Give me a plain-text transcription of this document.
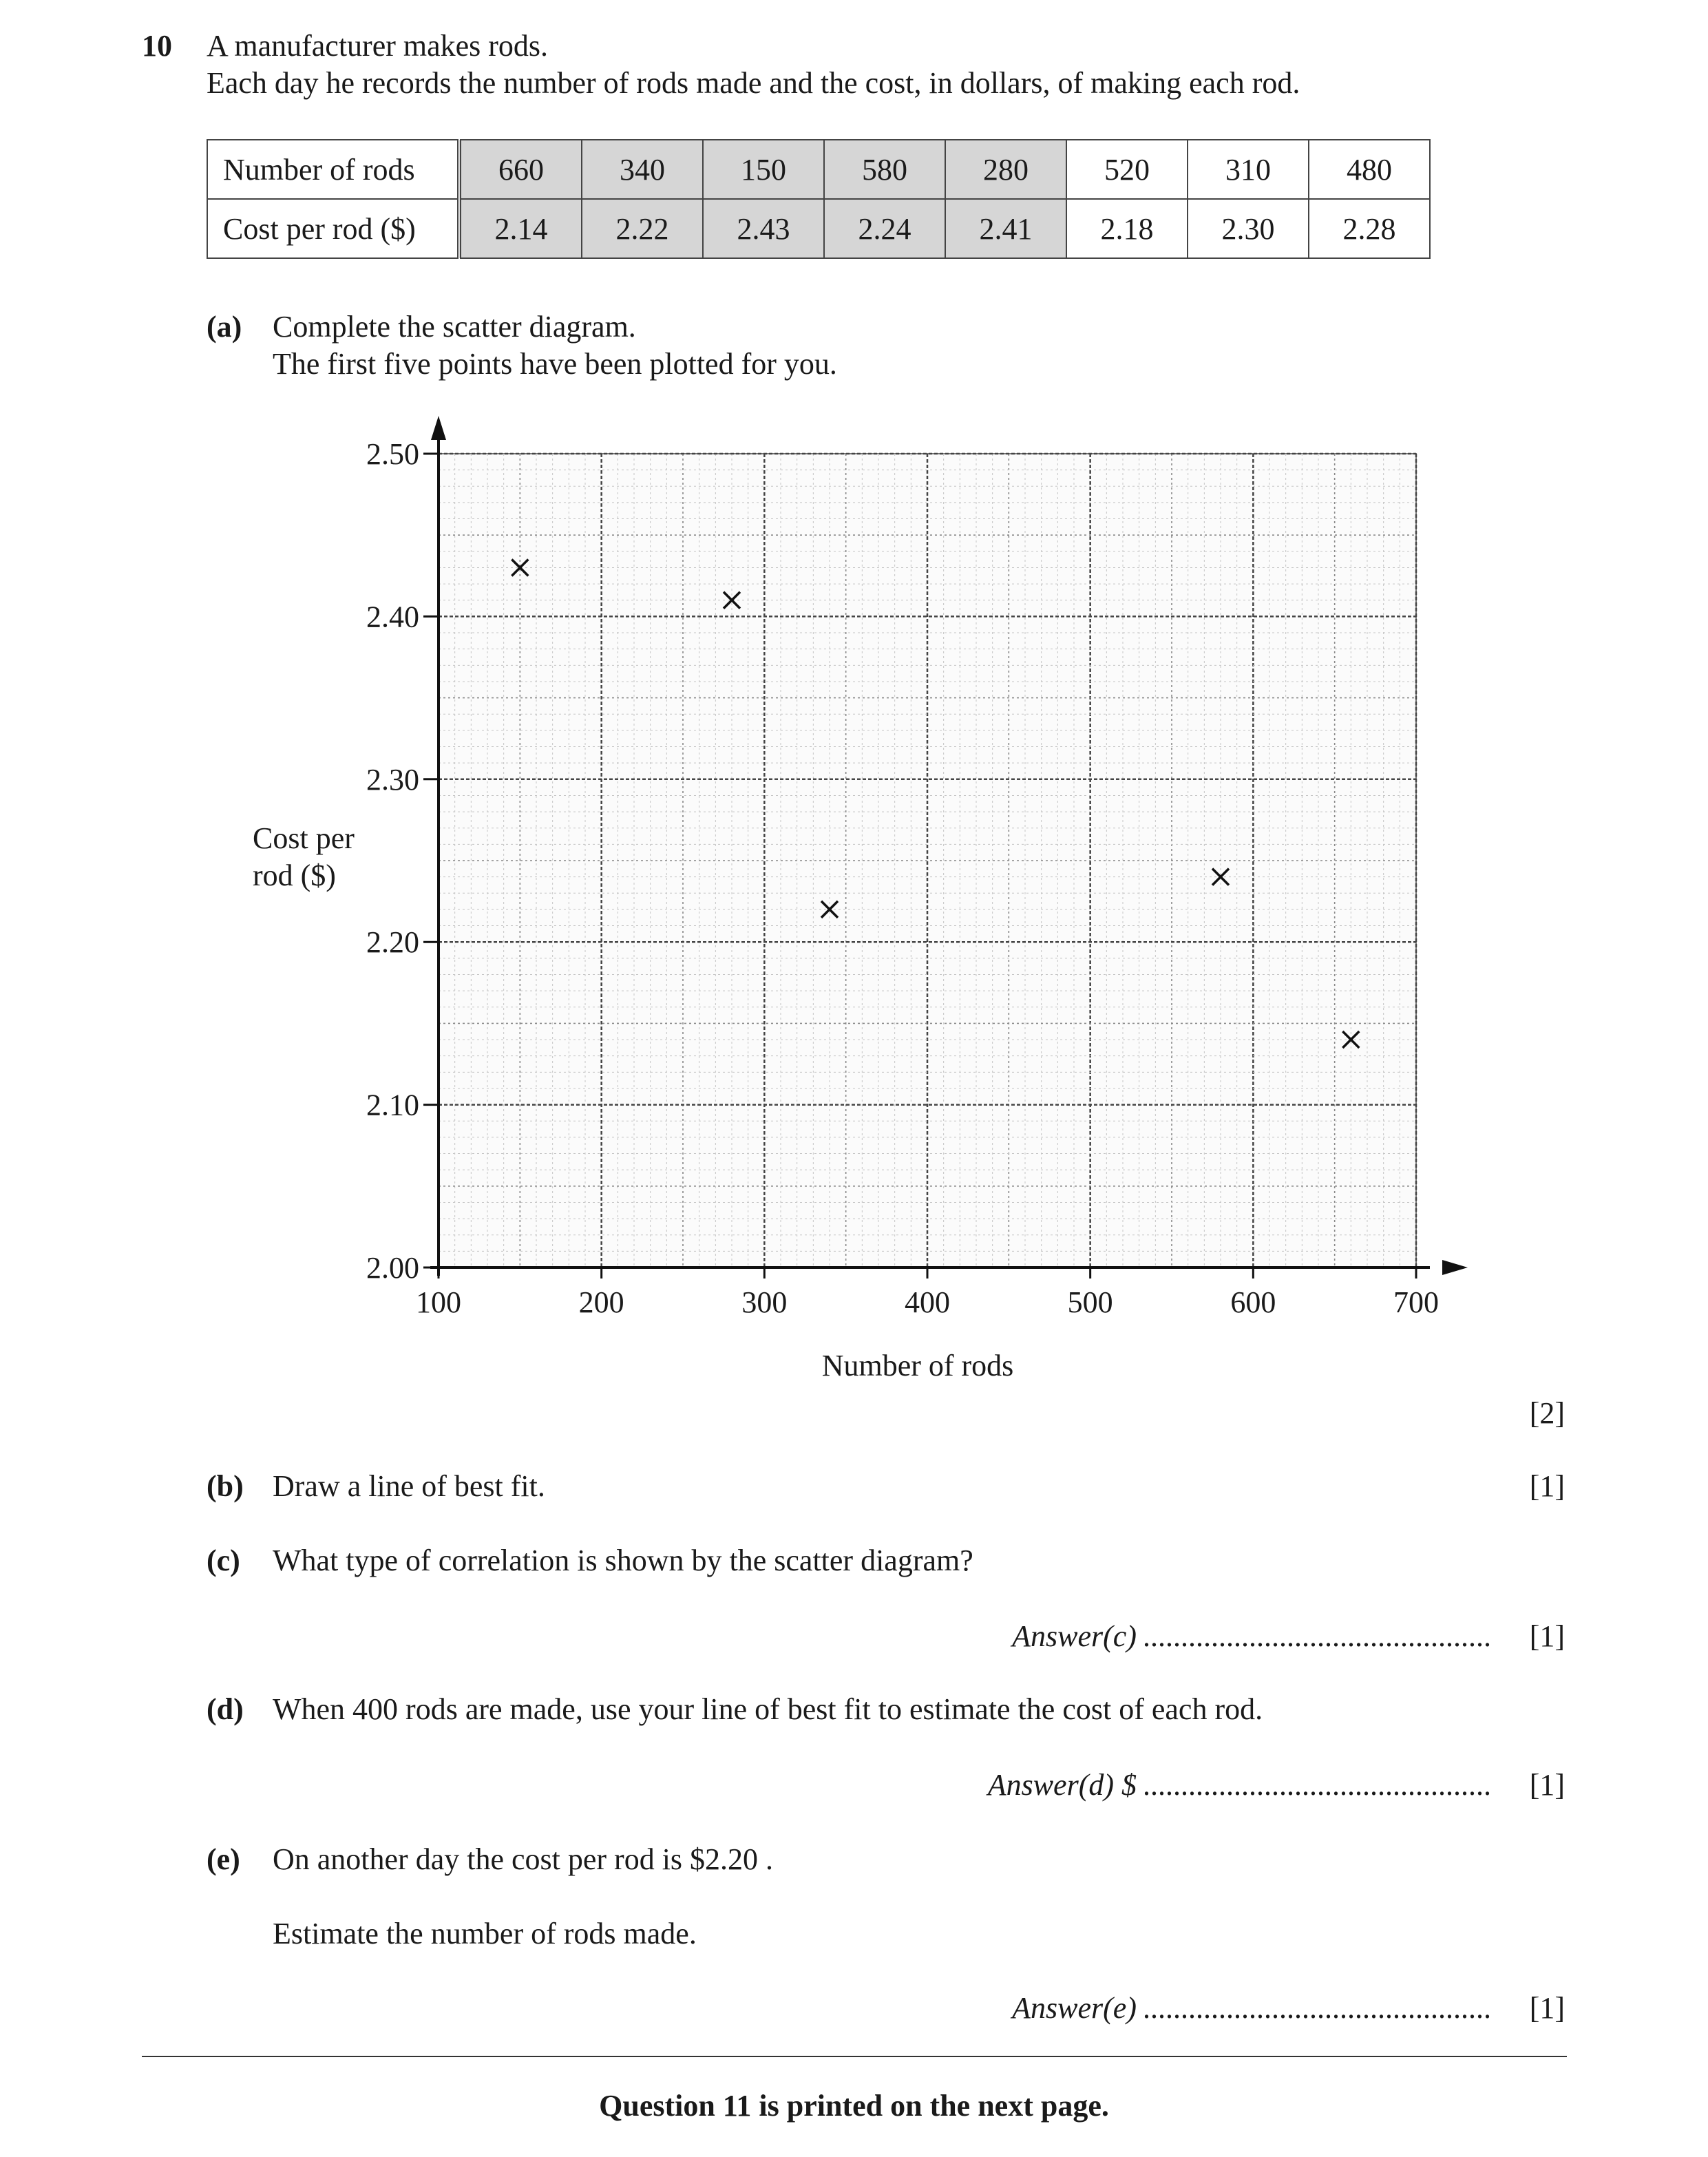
10 A manufacturer makes rods.
Each day he records the number of rods made and the cost, in dollars, of making each rod.
Number of rods	660	340	150	580	280	520	310	480
Cost per rod ($)	2.14	2.22	2.43	2.24	2.41	2.18	2.30	2.28
(a) Complete the scatter diagram.
The first five points have been plotted for you.
100	200	300	400	500	600	700
2.00
2.10
2.20
2.30
2.40
2.50
Number of rods
Cost per
rod ($)
[2]
(b) Draw a line of best fit.	[1]
(c) What type of correlation is shown by the scatter diagram?
Answer(c) .............................................. [1]
(d) When 400 rods are made, use your line of best fit to estimate the cost of each rod.
Answer(d) $ .............................................. [1]
(e) On another day the cost per rod is $2.20 .
Estimate the number of rods made.
Answer(e) .............................................. [1]
Question 11 is printed on the next page.
